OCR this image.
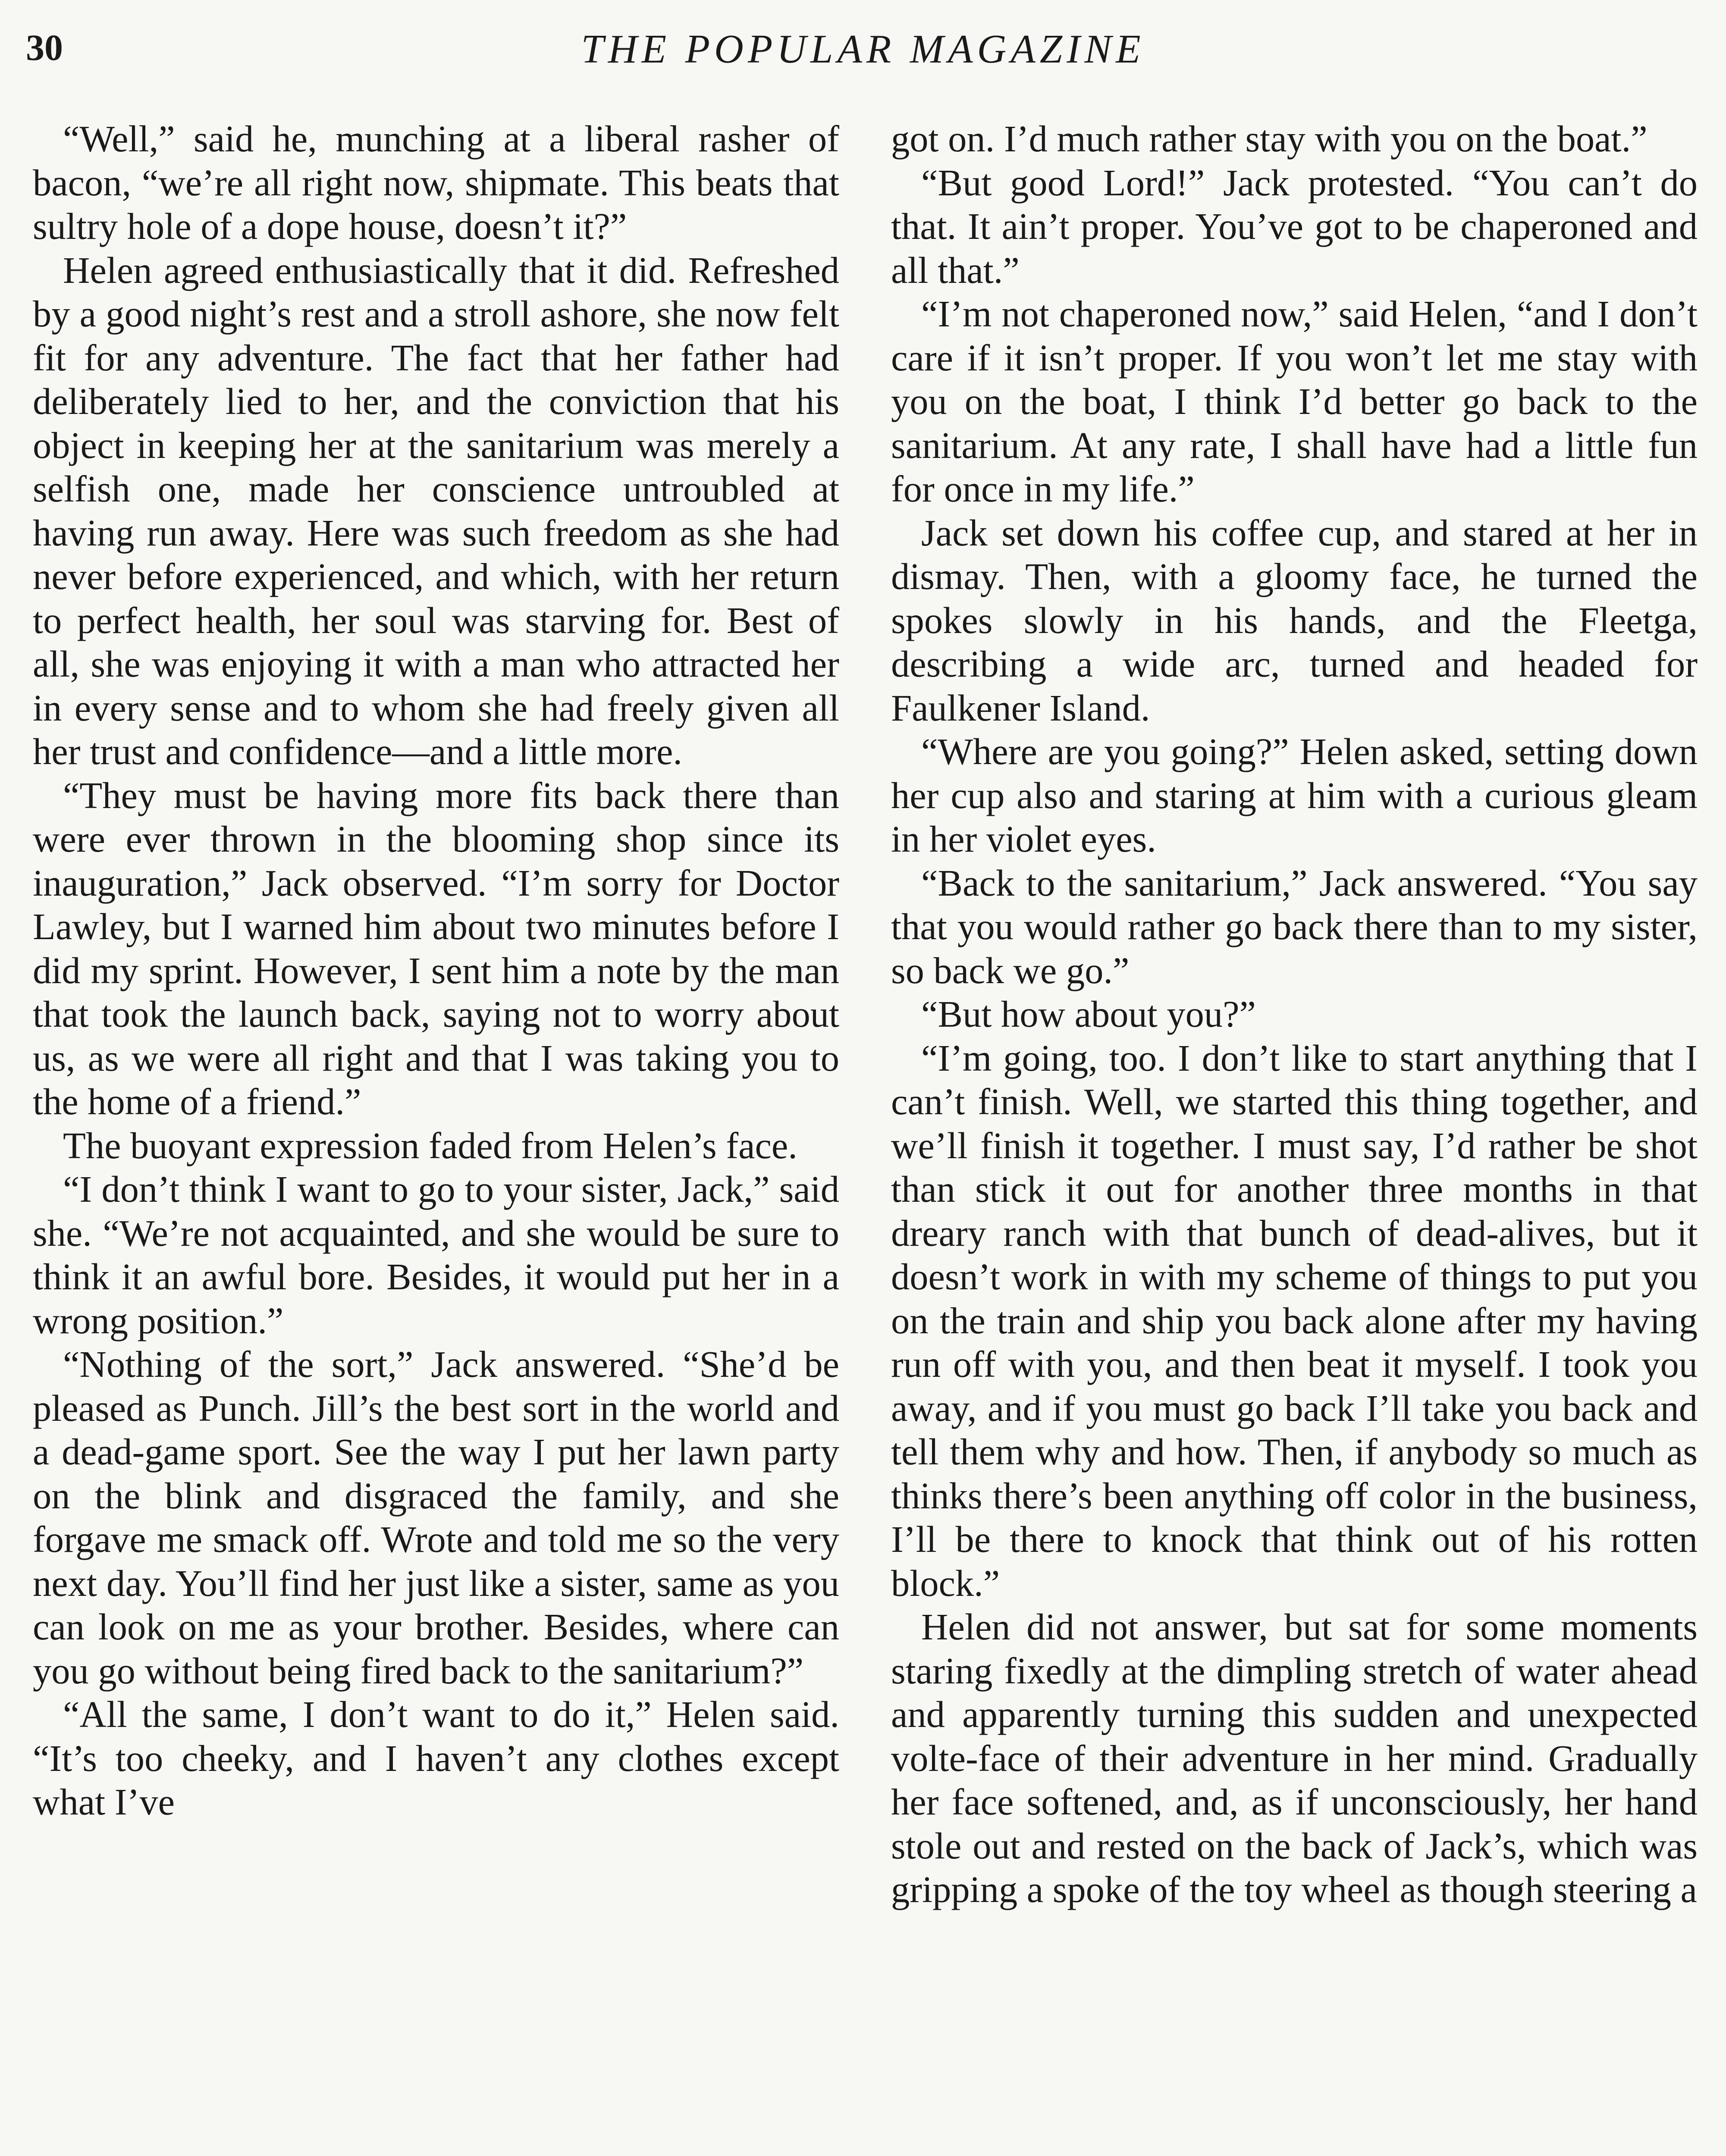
30	THE POPULAR MAGAZINE

“Well,” said he, munching at a liberal rasher of bacon, “we’re all right now, shipmate. This beats that sultry hole of a dope house, doesn’t it?”

Helen agreed enthusiastically that it did. Refreshed by a good night’s rest and a stroll ashore, she now felt fit for any adventure. The fact that her father had deliberately lied to her, and the conviction that his object in keeping her at the sanitarium was merely a selfish one, made her conscience untroubled at having run away. Here was such freedom as she had never before experienced, and which, with her return to perfect health, her soul was starving for. Best of all, she was enjoying it with a man who attracted her in every sense and to whom she had freely given all her trust and confidence—and a little more.

“They must be having more fits back there than were ever thrown in the blooming shop since its inauguration,” Jack observed. “I’m sorry for Doctor Lawley, but I warned him about two minutes before I did my sprint. However, I sent him a note by the man that took the launch back, saying not to worry about us, as we were all right and that I was taking you to the home of a friend.”

The buoyant expression faded from Helen’s face.

“I don’t think I want to go to your sister, Jack,” said she. “We’re not acquainted, and she would be sure to think it an awful bore. Besides, it would put her in a wrong position.”

“Nothing of the sort,” Jack answered. “She’d be pleased as Punch. Jill’s the best sort in the world and a dead-game sport. See the way I put her lawn party on the blink and disgraced the family, and she forgave me smack off. Wrote and told me so the very next day. You’ll find her just like a sister, same as you can look on me as your brother. Besides, where can you go without being fired back to the sanitarium?”

“All the same, I don’t want to do it,” Helen said. “It’s too cheeky, and I haven’t any clothes except what I’ve

got on. I’d much rather stay with you on the boat.”

“But good Lord!” Jack protested. “You can’t do that. It ain’t proper. You’ve got to be chaperoned and all that.”

“I’m not chaperoned now,” said Helen, “and I don’t care if it isn’t proper. If you won’t let me stay with you on the boat, I think I’d better go back to the sanitarium. At any rate, I shall have had a little fun for once in my life.”

Jack set down his coffee cup, and stared at her in dismay. Then, with a gloomy face, he turned the spokes slowly in his hands, and the Fleetga, describing a wide arc, turned and headed for Faulkener Island.

“Where are you going?” Helen asked, setting down her cup also and staring at him with a curious gleam in her violet eyes.

“Back to the sanitarium,” Jack answered. “You say that you would rather go back there than to my sister, so back we go.”

“But how about you?”

“I’m going, too. I don’t like to start anything that I can’t finish. Well, we started this thing together, and we’ll finish it together. I must say, I’d rather be shot than stick it out for another three months in that dreary ranch with that bunch of dead-alives, but it doesn’t work in with my scheme of things to put you on the train and ship you back alone after my having run off with you, and then beat it myself. I took you away, and if you must go back I’ll take you back and tell them why and how. Then, if anybody so much as thinks there’s been anything off color in the business, I’ll be there to knock that think out of his rotten block.”

Helen did not answer, but sat for some moments staring fixedly at the dimpling stretch of water ahead and apparently turning this sudden and unexpected volte-face of their adventure in her mind. Gradually her face softened, and, as if unconsciously, her hand stole out and rested on the back of Jack’s, which was gripping a spoke of the toy wheel as though steering a
